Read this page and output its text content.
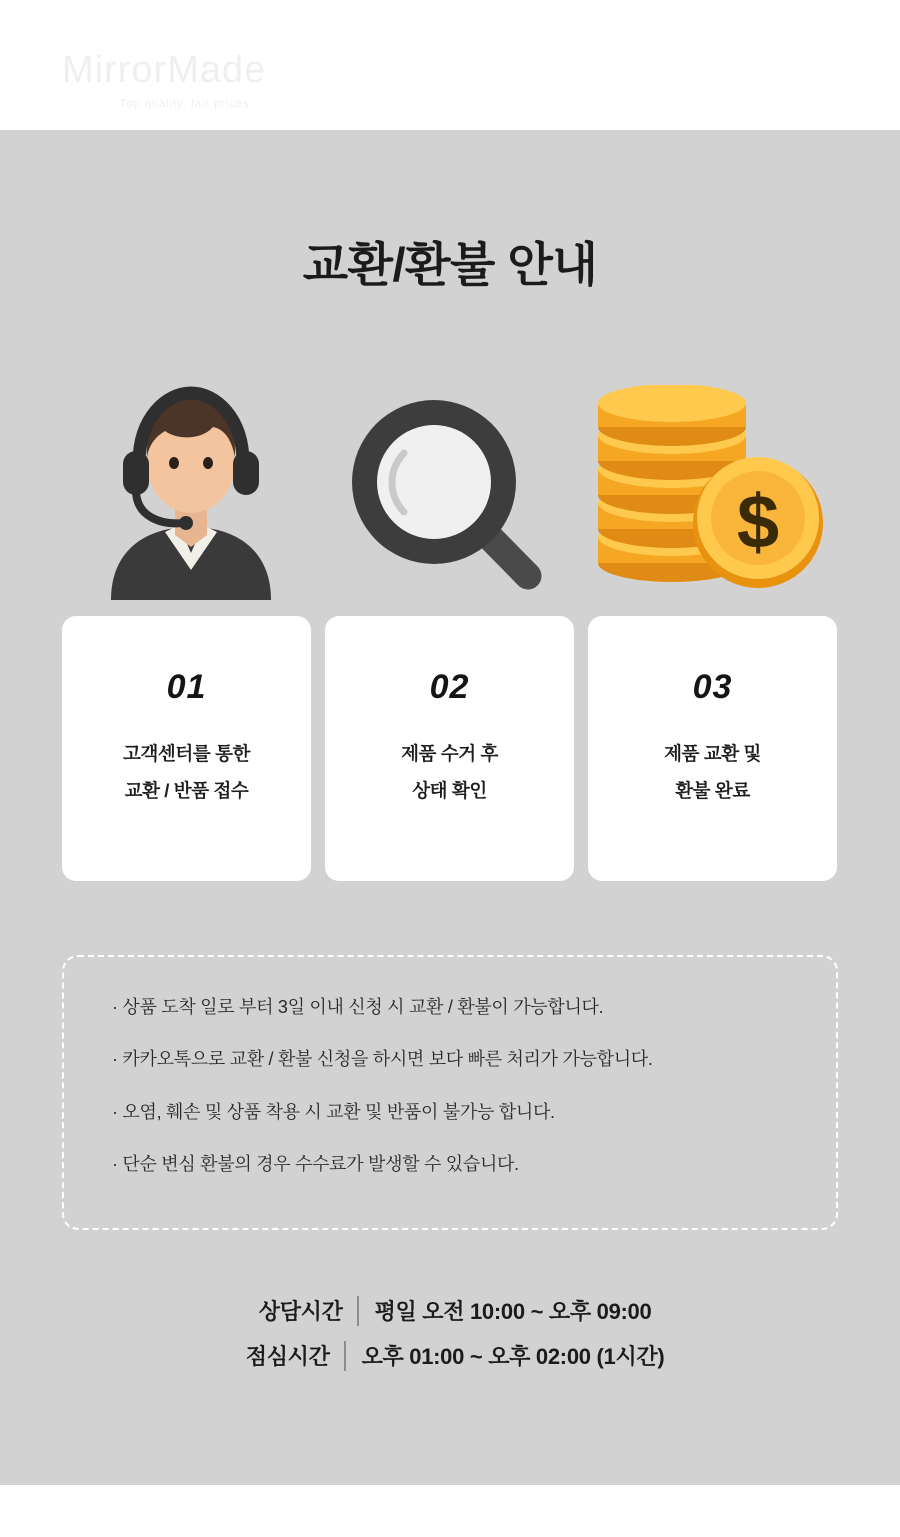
MirrorMade
Top quality, fair prices
교환/환불 안내
$
01
고객센터를 통한
교환 / 반품 접수
02
제품 수거 후
상태 확인
03
제품 교환 및
환불 완료
· 상품 도착 일로 부터 3일 이내 신청 시 교환 / 환불이 가능합니다.
· 카카오톡으로 교환 / 환불 신청을 하시면 보다 빠른 처리가 가능합니다.
· 오염, 훼손 및 상품 착용 시 교환 및 반품이 불가능 합니다.
· 단순 변심 환불의 경우 수수료가 발생할 수 있습니다.
상담시간	평일 오전 10:00 ~ 오후 09:00
점심시간	오후 01:00 ~ 오후 02:00 (1시간)
